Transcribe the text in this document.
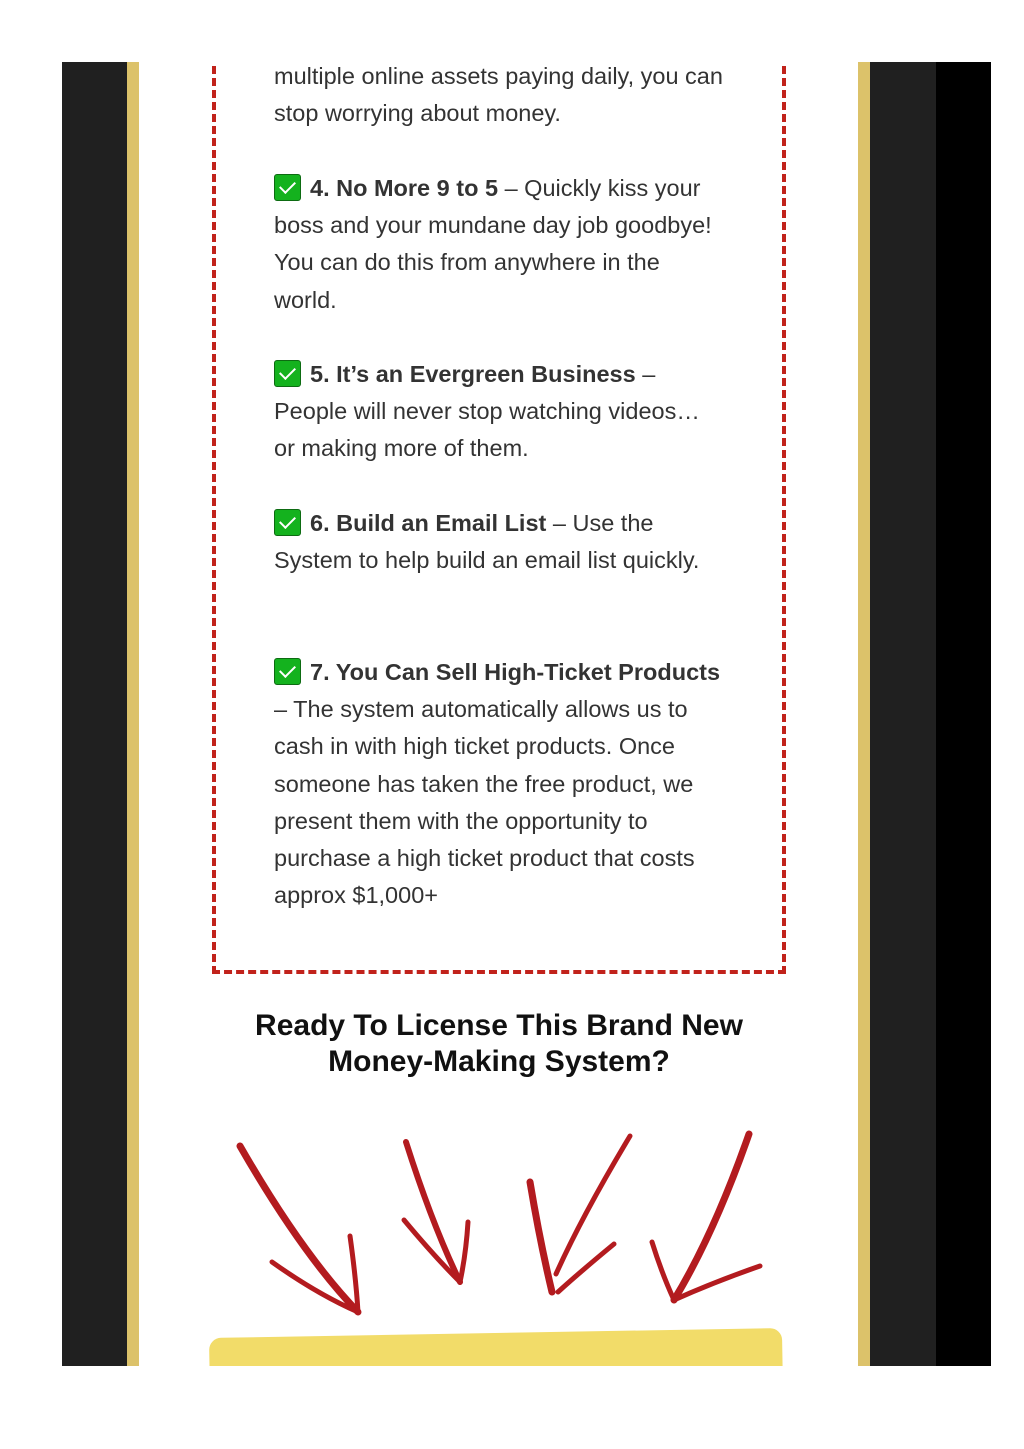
multiple online assets paying daily, you can stop worrying about money.
4. No More 9 to 5 – Quickly kiss your boss and your mundane day job goodbye! You can do this from anywhere in the world.
5. It’s an Evergreen Business – People will never stop watching videos… or making more of them.
6. Build an Email List – Use the System to help build an email list quickly.
7. You Can Sell High-Ticket Products – The system automatically allows us to cash in with high ticket products. Once someone has taken the free product, we present them with the opportunity to purchase a high ticket product that costs approx $1,000+
Ready To License This Brand New
Money-Making System?
